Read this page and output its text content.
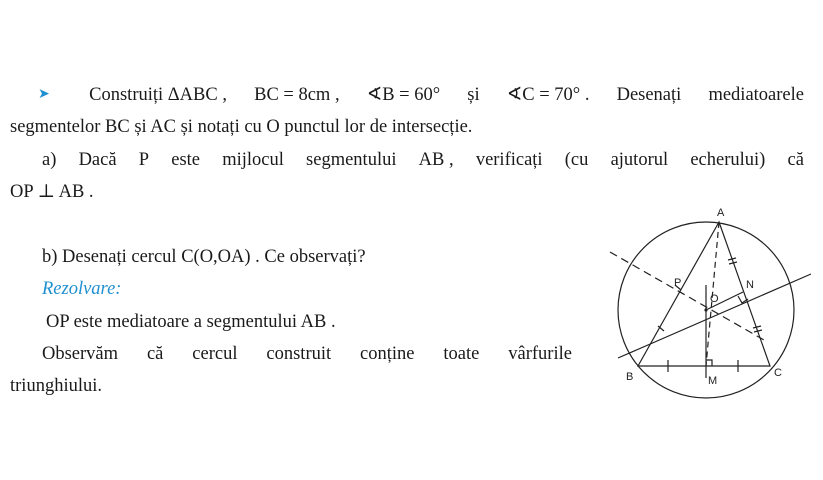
➤ Construiți ΔABC , BC = 8cm , ∢B = 60° și ∢C = 70° . Desenați mediatoarele
segmentelor BC și AC și notați cu O punctul lor de intersecție.
a) Dacă P este mijlocul segmentului AB , verificați (cu ajutorul echerului) că
OP ⊥ AB .
b) Desenați cercul C(O,OA) . Ce observați?
Rezolvare:
OP este mediatoare a segmentului AB .
Observăm că cercul construit conține toate vârfurile
triunghiului.
A
B	C
M
N
O
P
